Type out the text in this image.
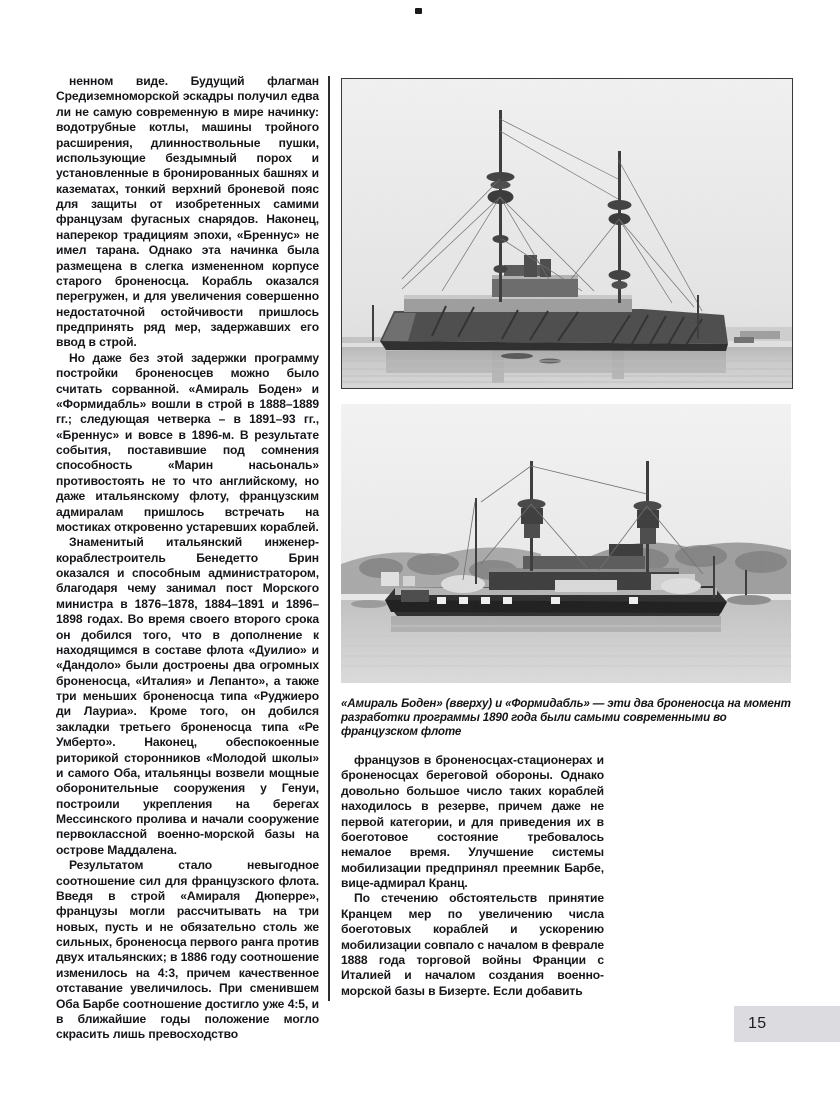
ненном виде. Будущий флагман Средиземноморской эскадры получил едва ли не самую современную в мире начинку: водотрубные котлы, машины тройного расширения, длинноствольные пушки, использующие бездымный порох и установленные в бронированных башнях и казематах, тонкий верхний броневой пояс для защиты от изобретенных самими французам фугасных снарядов. Наконец, наперекор традициям эпохи, «Бреннус» не имел тарана. Однако эта начинка была размещена в слегка измененном корпусе старого броненосца. Корабль оказался перегружен, и для увеличения совершенно недостаточной остойчивости пришлось предпринять ряд мер, задержавших его ввод в строй.

Но даже без этой задержки программу постройки броненосцев можно было считать сорванной. «Амираль Боден» и «Формидабль» вошли в строй в 1888–1889 гг.; следующая четверка – в 1891–93 гг., «Бреннус» и вовсе в 1896-м. В результате события, поставившие под сомнения способность «Марин насьональ» противостоять не то что английскому, но даже итальянскому флоту, французским адмиралам пришлось встречать на мостиках откровенно устаревших кораблей.

Знаменитый итальянский инженер-кораблестроитель Бенедетто Брин оказался и способным администратором, благодаря чему занимал пост Морского министра в 1876–1878, 1884–1891 и 1896–1898 годах. Во время своего второго срока он добился того, что в дополнение к находящимся в составе флота «Дуилио» и «Дандоло» были достроены два огромных броненосца, «Италия» и Лепанто», а также три меньших броненосца типа «Руджиеро ди Лауриа». Кроме того, он добился закладки третьего броненосца типа «Ре Умберто». Наконец, обеспокоенные риторикой сторонников «Молодой школы» и самого Оба, итальянцы возвели мощные оборонительные сооружения у Генуи, построили укрепления на берегах Мессинского пролива и начали сооружение первоклассной военно-морской базы на острове Маддалена.

Результатом стало невыгодное соотношение сил для французского флота. Введя в строй «Амираля Дюперре», французы могли рассчитывать на три новых, пусть и не обязательно столь же сильных, броненосца первого ранга против двух итальянских; в 1886 году соотношение изменилось на 4:3, причем качественное отставание увеличилось. При сменившем Оба Барбе соотношение достигло уже 4:5, и в ближайшие годы положение могло скрасить лишь превосходство

«Амираль Боден» (вверху) и «Формидабль» — эти два броненосца на момент разработки программы 1890 года были самыми современными во французском флоте

французов в броненосцах-стационерах и броненосцах береговой обороны. Однако довольно большое число таких кораблей находилось в резерве, причем даже не первой категории, и для приведения их в боеготовое состояние требовалось немалое время. Улучшение системы мобилизации предпринял преемник Барбе, вице-адмирал Кранц.

По стечению обстоятельств принятие Кранцем мер по увеличению числа боеготовых кораблей и ускорению мобилизации совпало с началом в феврале 1888 года торговой войны Франции с Италией и началом создания военно-морской базы в Бизерте. Если добавить

15
